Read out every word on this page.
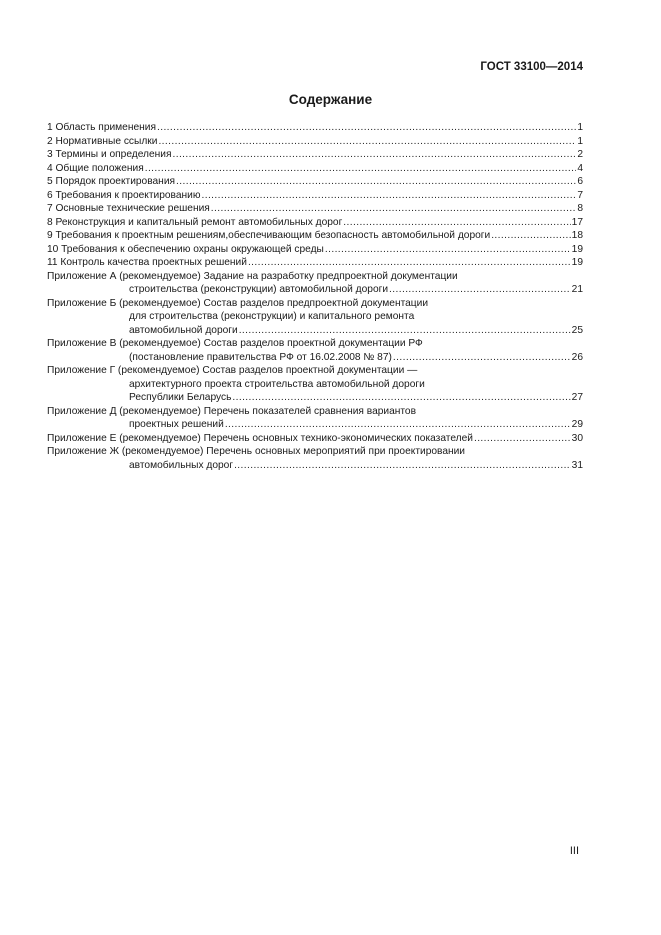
ГОСТ 33100—2014
Содержание
1 Область применения .....	1
2 Нормативные ссылки .....	1
3 Термины и определения .....	2
4 Общие положения .....	4
5 Порядок проектирования .....	6
6 Требования к проектированию .....	7
7 Основные технические решения .....	8
8 Реконструкция и капитальный ремонт автомобильных дорог .....	17
9 Требования к проектным решениям,обеспечивающим безопасность автомобильной дороги .....	18
10 Требования к обеспечению охраны окружающей среды .....	19
11 Контроль качества проектных решений .....	19
Приложение А (рекомендуемое) Задание на разработку предпроектной документации
строительства (реконструкции) автомобильной дороги .....	21
Приложение Б (рекомендуемое) Состав разделов предпроектной документации
для строительства (реконструкции) и капитального ремонта
автомобильной дороги .....	25
Приложение В (рекомендуемое) Состав разделов проектной документации РФ
(постановление правительства РФ от 16.02.2008 № 87) .....	26
Приложение Г (рекомендуемое) Состав разделов проектной документации —
архитектурного проекта строительства автомобильной дороги
Республики Беларусь .....	27
Приложение Д (рекомендуемое) Перечень показателей сравнения вариантов
проектных решений .....	29
Приложение Е (рекомендуемое) Перечень основных технико-экономических показателей .....	30
Приложение Ж (рекомендуемое) Перечень основных мероприятий при проектировании
автомобильных дорог .....	31
III
